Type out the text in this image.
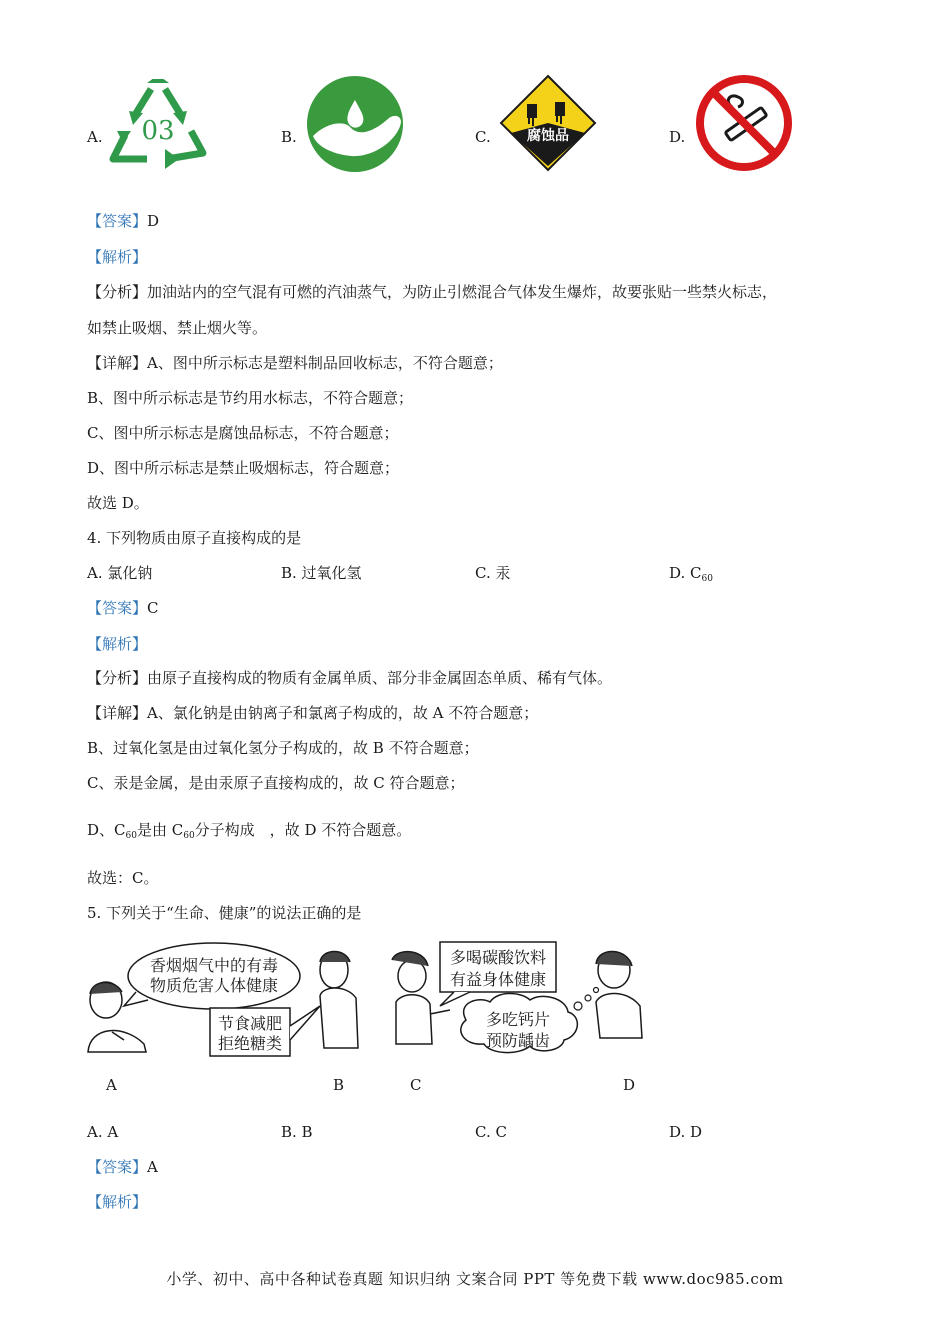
A. 03	B.	C.	腐蚀品	D.
【答案】D
【解析】
【分析】加油站内的空气混有可燃的汽油蒸气，为防止引燃混合气体发生爆炸，故要张贴一些禁火标志，
如禁止吸烟、禁止烟火等。
【详解】A、图中所示标志是塑料制品回收标志，不符合题意；
B、图中所示标志是节约用水标志，不符合题意；
C、图中所示标志是腐蚀品标志，不符合题意；
D、图中所示标志是禁止吸烟标志，符合题意；
故选 D。
4. 下列物质由原子直接构成的是
A. 氯化钠	B. 过氧化氢	C. 汞	D. $C_{60}$
【答案】C
【解析】
【分析】由原子直接构成的物质有金属单质、部分非金属固态单质、稀有气体。
【详解】A、氯化钠是由钠离子和氯离子构成的，故 A 不符合题意；
B、过氧化氢是由过氧化氢分子构成的，故 B 不符合题意；
C、汞是金属，是由汞原子直接构成的，故 C 符合题意；
D、$C_{60}$是由 $C_{60}$分子构成　，故 D 不符合题意。
故选：C。
5. 下列关于“生命、健康”的说法正确的是
香烟烟气中的有毒
物质危害人体健康
节食减肥
拒绝糖类
多喝碳酸饮料
有益身体健康
多吃钙片
预防龋齿
A	B	C	D
A. A	B. B	C. C	D. D
【答案】A
【解析】
小学、初中、高中各种试卷真题 知识归纳 文案合同 PPT 等免费下载 www.doc985.com
